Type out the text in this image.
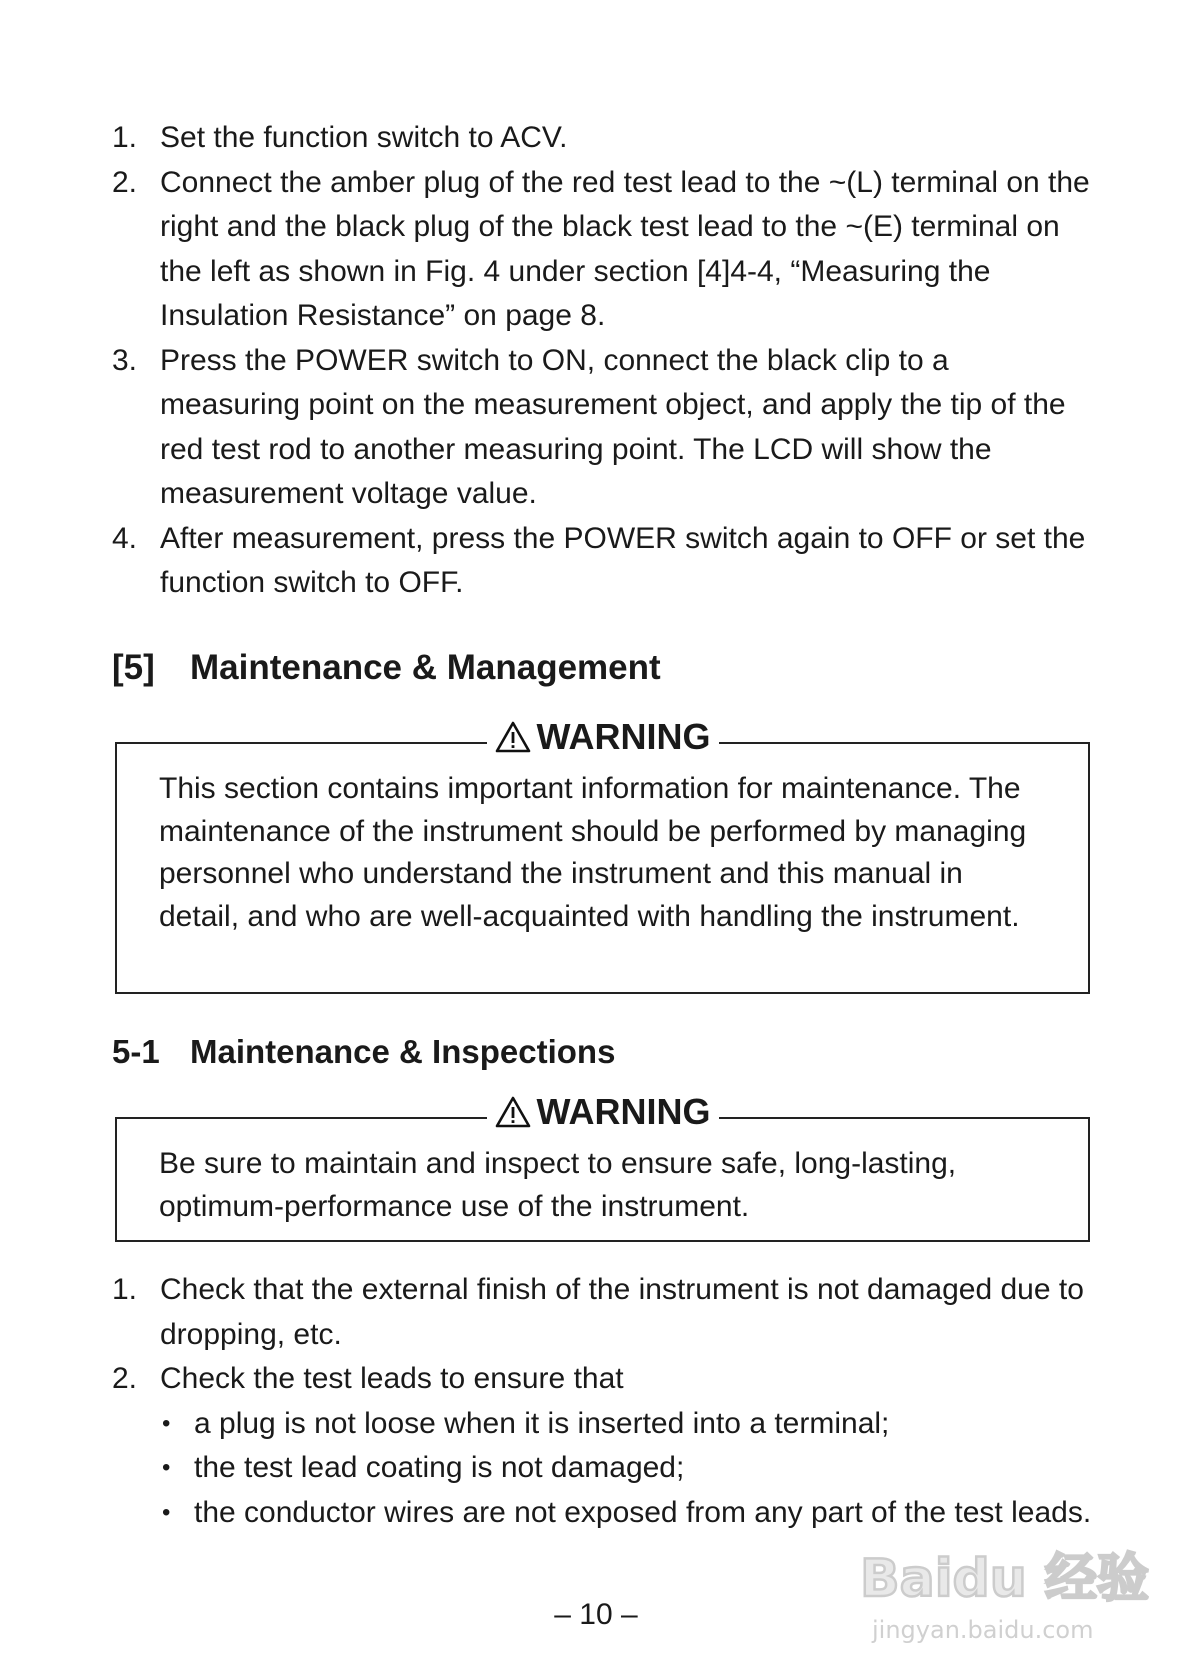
1. Set the function switch to ACV.
2. Connect the amber plug of the red test lead to the ~(L) terminal on the right and the black plug of the black test lead to the ~(E) terminal on the left as shown in Fig. 4 under section [4]4-4, “Measuring the Insulation Resistance” on page 8.
3. Press the POWER switch to ON, connect the black clip to a measuring point on the measurement object, and apply the tip of the red test rod to another measuring point. The LCD will show the measurement voltage value.
4. After measurement, press the POWER switch again to OFF or set the function switch to OFF.
[5] Maintenance & Management
WARNING

This section contains important information for maintenance. The maintenance of the instrument should be performed by managing personnel who understand the instrument and this manual in detail, and who are well-acquainted with handling the instrument.

5-1 Maintenance & Inspections
WARNING

Be sure to maintain and inspect to ensure safe, long-lasting, optimum-performance use of the instrument.

1. Check that the external finish of the instrument is not damaged due to dropping, etc.
2. Check the test leads to ensure that
• a plug is not loose when it is inserted into a terminal;
• the test lead coating is not damaged;
• the conductor wires are not exposed from any part of the test leads.
– 10 –
Baidu 经验
jingyan.baidu.com
